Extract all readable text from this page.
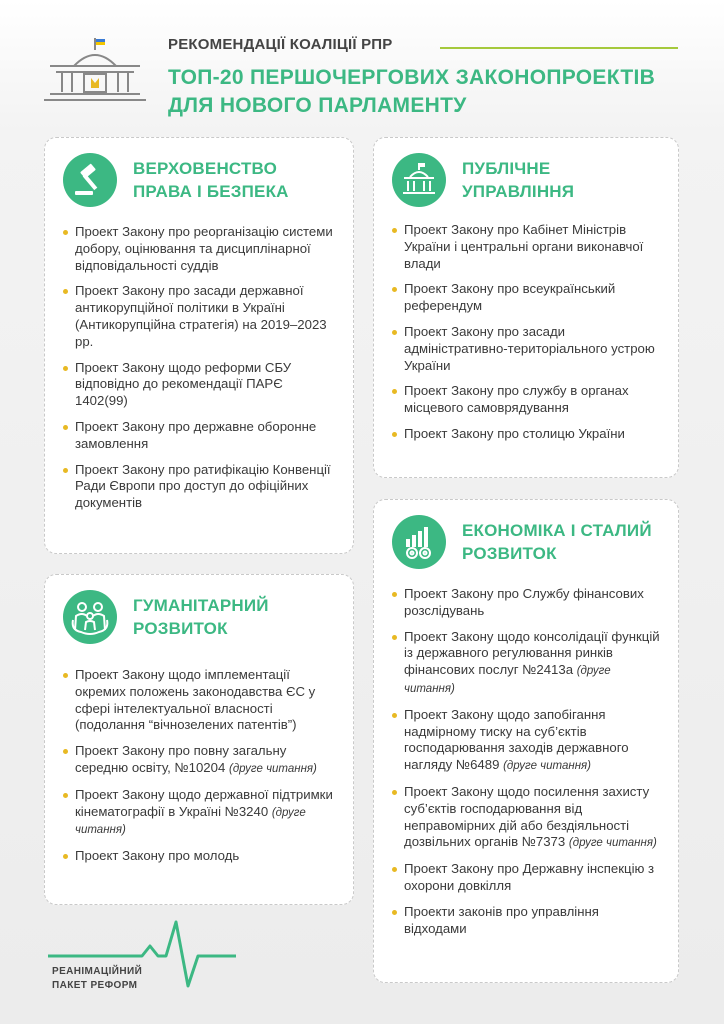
РЕКОМЕНДАЦІЇ КОАЛІЦІЇ РПР
ТОП-20 ПЕРШОЧЕРГОВИХ ЗАКОНОПРОЕКТІВ
ДЛЯ НОВОГО ПАРЛАМЕНТУ
ВЕРХОВЕНСТВО
ПРАВА І БЕЗПЕКА
Проект Закону про реорганізацію системи добору, оцінювання та дисциплінарної відповідальності суддів
Проект Закону про засади державної антикорупційної політики в Україні (Антикорупційна стратегія) на 2019–2023 рр.
Проект Закону щодо реформи СБУ відповідно до рекомендації ПАРЄ 1402(99)
Проект Закону про державне оборонне замовлення
Проект Закону про ратифікацію Конвенції Ради Європи про доступ до офіційних документів
ПУБЛІЧНЕ
УПРАВЛІННЯ
Проект Закону про Кабінет Міністрів України і центральні органи виконавчої влади
Проект Закону про всеукраїнський референдум
Проект Закону про засади адміністративно-територіального устрою України
Проект Закону про службу в органах місцевого самоврядування
Проект Закону про столицю України
ГУМАНІТАРНИЙ
РОЗВИТОК
Проект Закону щодо імплементації окремих положень законодавства ЄС у сфері інтелектуальної власності (подолання “вічнозелених патентів”)
Проект Закону про повну загальну середню освіту, №10204 (друге читання)
Проект Закону щодо державної підтримки кінематографії в Україні №3240 (друге читання)
Проект Закону про молодь
ЕКОНОМІКА І СТАЛИЙ
РОЗВИТОК
Проект Закону про Службу фінансових розслідувань
Проект Закону щодо консолідації функцій із державного регулювання ринків фінансових послуг №2413а (друге читання)
Проект Закону щодо запобігання надмірному тиску на суб’єктів господарювання заходів державного нагляду №6489 (друге читання)
Проект Закону щодо посилення захисту суб’єктів господарювання від неправомірних дій або бездіяльності дозвільних органів №7373 (друге читання)
Проект Закону про Державну інспекцію з охорони довкілля
Проекти законів про управління відходами
РЕАНІМАЦІЙНИЙ
ПАКЕТ РЕФОРМ
